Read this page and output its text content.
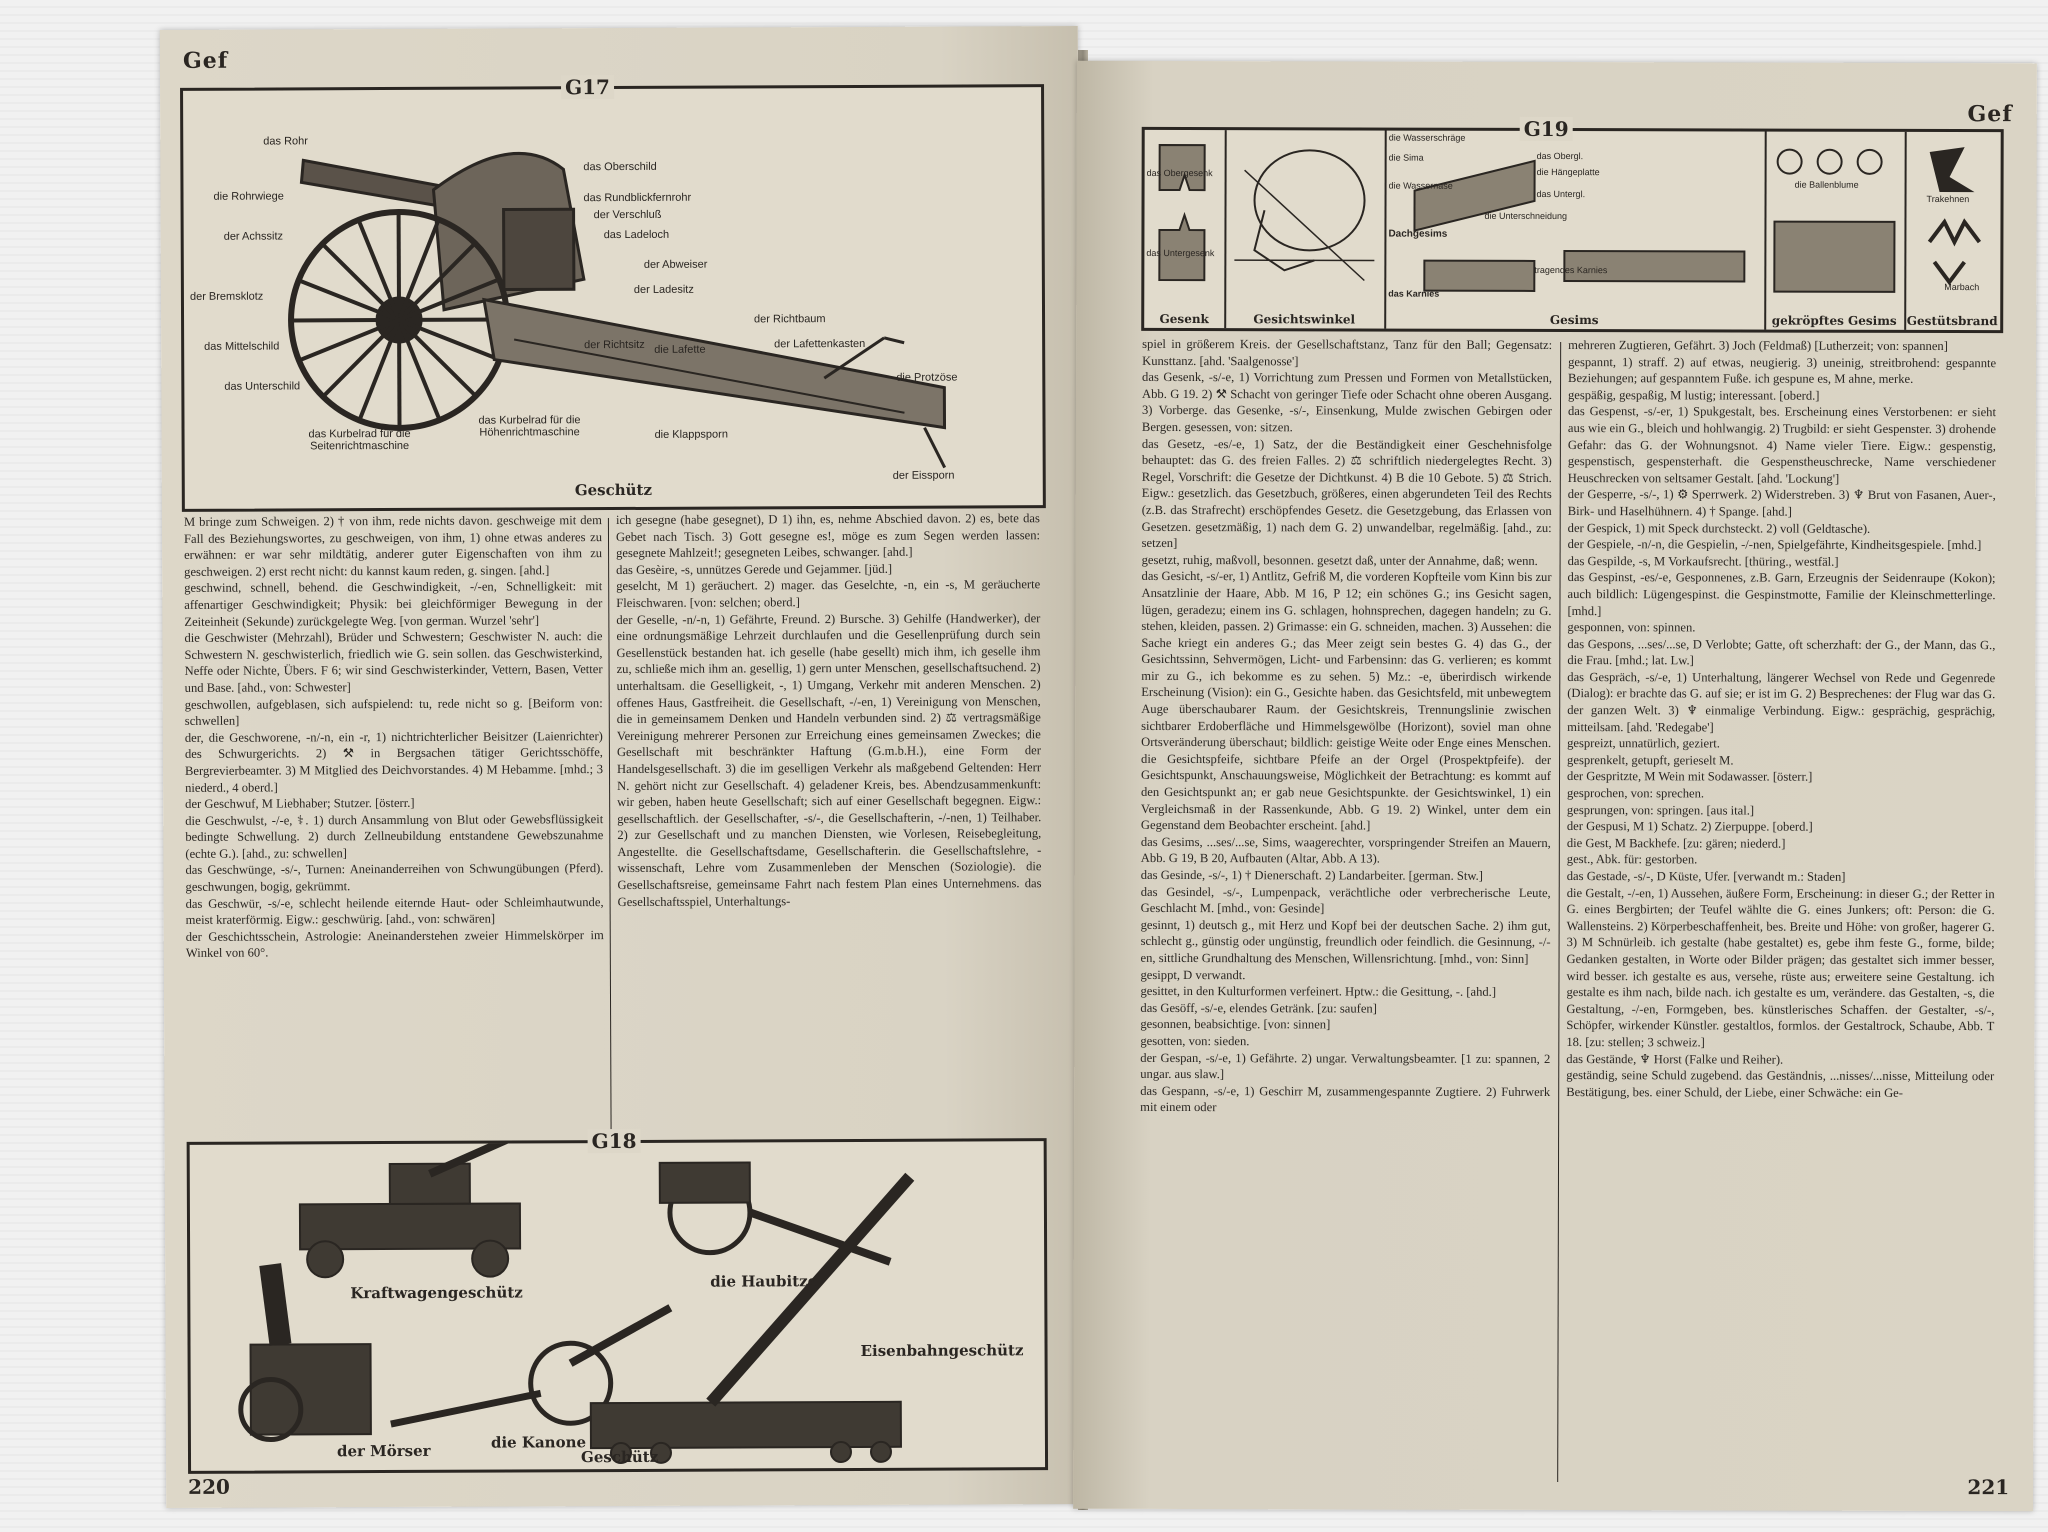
Gef
G17
das Rohr
die Rohrwiege
der Achssitz
der Bremsklotz
das Mittelschild
das Unterschild
das Kurbelrad für die Seitenrichtmaschine
das Kurbelrad für die Höhenrichtmaschine	die Klappsporn
der Eissporn
die Protzöse
der Lafettenkasten
der Richtbaum
die Lafette
der Richtsitz
der Ladesitz
der Abweiser
das Ladeloch
der Verschluß
das Rundblickfernrohr
das Oberschild
Geschütz

M bringe zum Schweigen. 2) † von ihm, rede nichts davon. geschweige mit dem Fall des Beziehungswortes, zu geschweigen, von ihm, 1) ohne etwas anderes zu erwähnen: er war sehr mildtätig, anderer guter Eigenschaften von ihm zu geschweigen. 2) erst recht nicht: du kannst kaum reden, g. singen. [ahd.]

geschwind, schnell, behend. die Geschwindigkeit, -/-en, Schnelligkeit: mit affenartiger Geschwindigkeit; Physik: bei gleichförmiger Bewegung in der Zeiteinheit (Sekunde) zurückgelegte Weg. [von german. Wurzel 'sehr']

die Geschwister (Mehrzahl), Brüder und Schwestern; Geschwister N. auch: die Schwestern N. geschwisterlich, friedlich wie G. sein sollen. das Geschwisterkind, Neffe oder Nichte, Übers. F 6; wir sind Geschwisterkinder, Vettern, Basen, Vetter und Base. [ahd., von: Schwester]

geschwollen, aufgeblasen, sich aufspielend: tu, rede nicht so g. [Beiform von: schwellen]

der, die Geschworene, -n/-n, ein -r, 1) nichtrichterlicher Beisitzer (Laienrichter) des Schwurgerichts. 2) ⚒ in Bergsachen tätiger Gerichtsschöffe, Bergrevierbeamter. 3) M Mitglied des Deichvorstandes. 4) M Hebamme. [mhd.; 3 niederd., 4 oberd.]

der Geschwuf, M Liebhaber; Stutzer. [österr.]

die Geschwulst, -/-e, ⚕. 1) durch Ansammlung von Blut oder Gewebsflüssigkeit bedingte Schwellung. 2) durch Zellneubildung entstandene Gewebszunahme (echte G.). [ahd., zu: schwellen]

das Geschwünge, -s/-, Turnen: Aneinanderreihen von Schwungübungen (Pferd). geschwungen, bogig, gekrümmt.

das Geschwür, -s/-e, schlecht heilende eiternde Haut- oder Schleimhautwunde, meist kraterförmig. Eigw.: geschwürig. [ahd., von: schwären]

der Geschichtsschein, Astrologie: Aneinanderstehen zweier Himmelskörper im Winkel von 60°.

ich gesegne (habe gesegnet), D 1) ihn, es, nehme Abschied davon. 2) es, bete das Gebet nach Tisch. 3) Gott gesegne es!, möge es zum Segen werden lassen: gesegnete Mahlzeit!; gesegneten Leibes, schwanger. [ahd.]

das Gesèire, -s, unnützes Gerede und Gejammer. [jüd.]

geselcht, M 1) geräuchert. 2) mager. das Geselchte, -n, ein -s, M geräucherte Fleischwaren. [von: selchen; oberd.]

der Geselle, -n/-n, 1) Gefährte, Freund. 2) Bursche. 3) Gehilfe (Handwerker), der eine ordnungsmäßige Lehrzeit durchlaufen und die Gesellenprüfung durch sein Gesellenstück bestanden hat. ich geselle (habe gesellt) mich ihm, ich geselle ihm zu, schließe mich ihm an. gesellig, 1) gern unter Menschen, gesellschaftsuchend. 2) unterhaltsam. die Geselligkeit, -, 1) Umgang, Verkehr mit anderen Menschen. 2) offenes Haus, Gastfreiheit. die Gesellschaft, -/-en, 1) Vereinigung von Menschen, die in gemeinsamem Denken und Handeln verbunden sind. 2) ⚖ vertragsmäßige Vereinigung mehrerer Personen zur Erreichung eines gemeinsamen Zweckes; die Gesellschaft mit beschränkter Haftung (G.m.b.H.), eine Form der Handelsgesellschaft. 3) die im geselligen Verkehr als maßgebend Geltenden: Herr N. gehört nicht zur Gesellschaft. 4) geladener Kreis, bes. Abendzusammenkunft: wir geben, haben heute Gesellschaft; sich auf einer Gesellschaft begegnen. Eigw.: gesellschaftlich. der Gesellschafter, -s/-, die Gesellschafterin, -/-nen, 1) Teilhaber. 2) zur Gesellschaft und zu manchen Diensten, wie Vorlesen, Reisebegleitung, Angestellte. die Gesellschaftsdame, Gesellschafterin. die Gesellschaftslehre, -wissenschaft, Lehre vom Zusammenleben der Menschen (Soziologie). die Gesellschaftsreise, gemeinsame Fahrt nach festem Plan eines Unternehmens. das Gesellschaftsspiel, Unterhaltungs-

G18
Kraftwagengeschütz
die Haubitze
die Kanone
Eisenbahngeschütz
der Mörser	Geschütz
220
Gef
G19
das Obergesenk
das Untergesenk
Gesenk	Gesichtswinkel
die Wasserschräge
die Sima
die Wassernase
das Obergl.
die Hängeplatte
das Untergl.
die Unterschneidung
Dachgesims
das Karnies
tragendes Karnies
Gesims
die Ballenblume
gekröpftes Gesims
Trakehnen
Marbach
Gestütsbrand

spiel in größerem Kreis. der Gesellschaftstanz, Tanz für den Ball; Gegensatz: Kunsttanz. [ahd. 'Saalgenosse']

das Gesenk, -s/-e, 1) Vorrichtung zum Pressen und Formen von Metallstücken, Abb. G 19. 2) ⚒ Schacht von geringer Tiefe oder Schacht ohne oberen Ausgang. 3) Vorberge. das Gesenke, -s/-, Einsenkung, Mulde zwischen Gebirgen oder Bergen. gesessen, von: sitzen.

das Gesetz, -es/-e, 1) Satz, der die Beständigkeit einer Geschehnisfolge behauptet: das G. des freien Falles. 2) ⚖ schriftlich niedergelegtes Recht. 3) Regel, Vorschrift: die Gesetze der Dichtkunst. 4) B die 10 Gebote. 5) ⚖ Strich. Eigw.: gesetzlich. das Gesetzbuch, größeres, einen abgerundeten Teil des Rechts (z.B. das Strafrecht) erschöpfendes Gesetz. die Gesetzgebung, das Erlassen von Gesetzen. gesetzmäßig, 1) nach dem G. 2) unwandelbar, regelmäßig. [ahd., zu: setzen]

gesetzt, ruhig, maßvoll, besonnen. gesetzt daß, unter der Annahme, daß; wenn.

das Gesicht, -s/-er, 1) Antlitz, Gefriß M, die vorderen Kopfteile vom Kinn bis zur Ansatzlinie der Haare, Abb. M 16, P 12; ein schönes G.; ins Gesicht sagen, lügen, geradezu; einem ins G. schlagen, hohnsprechen, dagegen handeln; zu G. stehen, kleiden, passen. 2) Grimasse: ein G. schneiden, machen. 3) Aussehen: die Sache kriegt ein anderes G.; das Meer zeigt sein bestes G. 4) das G., der Gesichtssinn, Sehvermögen, Licht- und Farbensinn: das G. verlieren; es kommt mir zu G., ich bekomme es zu sehen. 5) Mz.: -e, überirdisch wirkende Erscheinung (Vision): ein G., Gesichte haben. das Gesichtsfeld, mit unbewegtem Auge überschaubarer Raum. der Gesichtskreis, Trennungslinie zwischen sichtbarer Erdoberfläche und Himmelsgewölbe (Horizont), soviel man ohne Ortsveränderung überschaut; bildlich: geistige Weite oder Enge eines Menschen. die Gesichtspfeife, sichtbare Pfeife an der Orgel (Prospektpfeife). der Gesichtspunkt, Anschauungsweise, Möglichkeit der Betrachtung: es kommt auf den Gesichtspunkt an; er gab neue Gesichtspunkte. der Gesichtswinkel, 1) ein Vergleichsmaß in der Rassenkunde, Abb. G 19. 2) Winkel, unter dem ein Gegenstand dem Beobachter erscheint. [ahd.]

das Gesims, ...ses/...se, Sims, waagerechter, vorspringender Streifen an Mauern, Abb. G 19, B 20, Aufbauten (Altar, Abb. A 13).

das Gesinde, -s/-, 1) † Dienerschaft. 2) Landarbeiter. [german. Stw.]

das Gesindel, -s/-, Lumpenpack, verächtliche oder verbrecherische Leute, Geschlacht M. [mhd., von: Gesinde]

gesinnt, 1) deutsch g., mit Herz und Kopf bei der deutschen Sache. 2) ihm gut, schlecht g., günstig oder ungünstig, freundlich oder feindlich. die Gesinnung, -/-en, sittliche Grundhaltung des Menschen, Willensrichtung. [mhd., von: Sinn]

gesippt, D verwandt.

gesittet, in den Kulturformen verfeinert. Hptw.: die Gesittung, -. [ahd.]

das Gesöff, -s/-e, elendes Getränk. [zu: saufen]

gesonnen, beabsichtige. [von: sinnen]

gesotten, von: sieden.

der Gespan, -s/-e, 1) Gefährte. 2) ungar. Verwaltungsbeamter. [1 zu: spannen, 2 ungar. aus slaw.]

das Gespann, -s/-e, 1) Geschirr M, zusammengespannte Zugtiere. 2) Fuhrwerk mit einem oder

mehreren Zugtieren, Gefährt. 3) Joch (Feldmaß) [Lutherzeit; von: spannen]

gespannt, 1) straff. 2) auf etwas, neugierig. 3) uneinig, streitbrohend: gespannte Beziehungen; auf gespanntem Fuße. ich gespune es, M ahne, merke.

gespäßig, gespaßig, M lustig; interessant. [oberd.]

das Gespenst, -s/-er, 1) Spukgestalt, bes. Erscheinung eines Verstorbenen: er sieht aus wie ein G., bleich und hohlwangig. 2) Trugbild: er sieht Gespenster. 3) drohende Gefahr: das G. der Wohnungsnot. 4) Name vieler Tiere. Eigw.: gespenstig, gespenstisch, gespensterhaft. die Gespenstheuschrecke, Name verschiedener Heuschrecken von seltsamer Gestalt. [ahd. 'Lockung']

der Gesperre, -s/-, 1) ⚙ Sperrwerk. 2) Widerstreben. 3) ♆ Brut von Fasanen, Auer-, Birk- und Haselhühnern. 4) † Spange. [ahd.]

der Gespick, 1) mit Speck durchsteckt. 2) voll (Geldtasche).

der Gespiele, -n/-n, die Gespielin, -/-nen, Spielgefährte, Kindheitsgespiele. [mhd.]

das Gespilde, -s, M Vorkaufsrecht. [thüring., westfäl.]

das Gespinst, -es/-e, Gesponnenes, z.B. Garn, Erzeugnis der Seidenraupe (Kokon); auch bildlich: Lügengespinst. die Gespinstmotte, Familie der Kleinschmetterlinge. [mhd.]

gesponnen, von: spinnen.

das Gespons, ...ses/...se, D Verlobte; Gatte, oft scherzhaft: der G., der Mann, das G., die Frau. [mhd.; lat. Lw.]

das Gespräch, -s/-e, 1) Unterhaltung, längerer Wechsel von Rede und Gegenrede (Dialog): er brachte das G. auf sie; er ist im G. 2) Besprechenes: der Flug war das G. der ganzen Welt. 3) ♆ einmalige Verbindung. Eigw.: gesprächig, gesprächig, mitteilsam. [ahd. 'Redegabe']

gespreizt, unnatürlich, geziert.

gesprenkelt, getupft, gerieselt M.

der Gespritzte, M Wein mit Sodawasser. [österr.]

gesprochen, von: sprechen.

gesprungen, von: springen. [aus ital.]

der Gespusi, M 1) Schatz. 2) Zierpuppe. [oberd.]

die Gest, M Backhefe. [zu: gären; niederd.]

gest., Abk. für: gestorben.

das Gestade, -s/-, D Küste, Ufer. [verwandt m.: Staden]

die Gestalt, -/-en, 1) Aussehen, äußere Form, Erscheinung: in dieser G.; der Retter in G. eines Bergbirten; der Teufel wählte die G. eines Junkers; oft: Person: die G. Wallensteins. 2) Körperbeschaffenheit, bes. Breite und Höhe: von großer, hagerer G. 3) M Schnürleib. ich gestalte (habe gestaltet) es, gebe ihm feste G., forme, bilde; Gedanken gestalten, in Worte oder Bilder prägen; das gestaltet sich immer besser, wird besser. ich gestalte es aus, versehe, rüste aus; erweitere seine Gestaltung. ich gestalte es ihm nach, bilde nach. ich gestalte es um, verändere. das Gestalten, -s, die Gestaltung, -/-en, Formgeben, bes. künstlerisches Schaffen. der Gestalter, -s/-, Schöpfer, wirkender Künstler. gestaltlos, formlos. der Gestaltrock, Schaube, Abb. T 18. [zu: stellen; 3 schweiz.]

das Gestände, ♆ Horst (Falke und Reiher).

geständig, seine Schuld zugebend. das Geständnis, ...nisses/...nisse, Mitteilung oder Bestätigung, bes. einer Schuld, der Liebe, einer Schwäche: ein Ge-

221
